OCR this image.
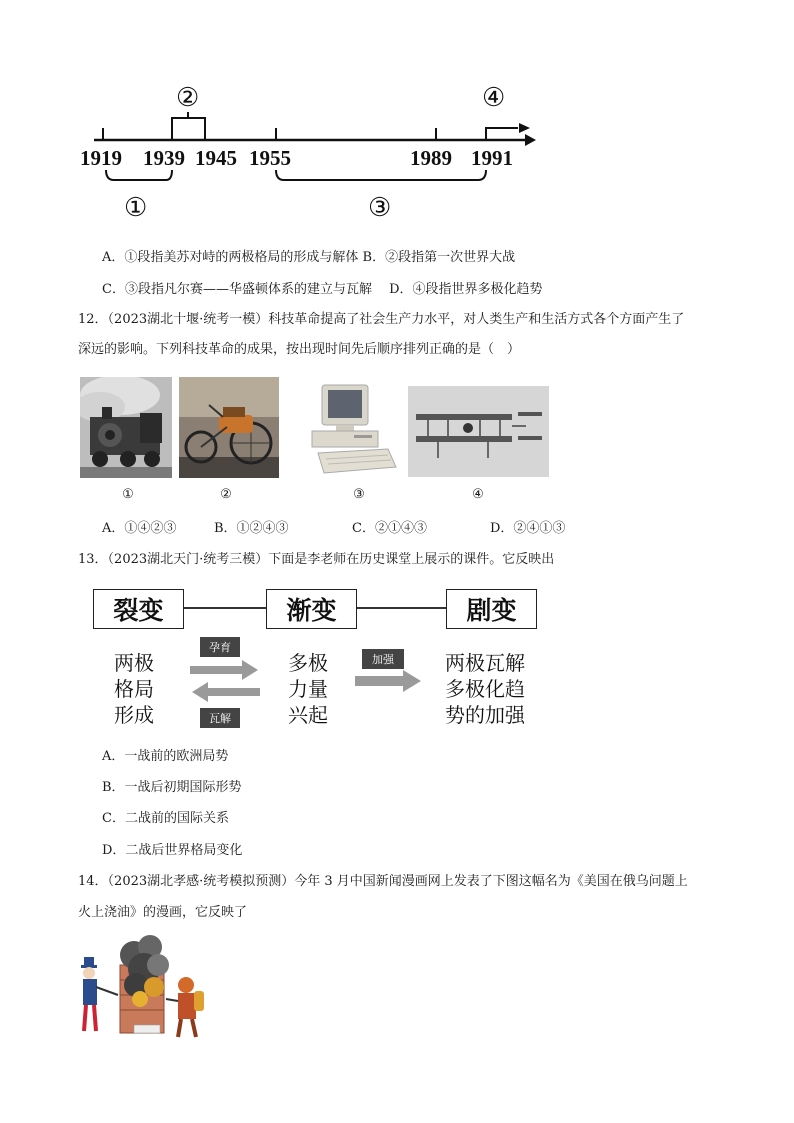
1919 1939 1945 1955	1989 1991
②	④
①	③
A．①段指美苏对峙的两极格局的形成与解体 B．②段指第一次世界大战
C．③段指凡尔赛——华盛顿体系的建立与瓦解　 D．④段指世界多极化趋势
12．（2023湖北十堰·统考一模）科技革命提高了社会生产力水平，对人类生产和生活方式各个方面产生了
深远的影响。下列科技革命的成果，按出现时间先后顺序排列正确的是（　）
①	②	③	④
A．①④②③	B．①②④③	C．②①④③	D．②④①③
13．（2023湖北天门·统考三模）下面是李老师在历史课堂上展示的课件。它反映出
裂变	渐变	剧变
两极
格局
形成
多极
力量
兴起
两极瓦解
多极化趋
势的加强
孕育
瓦解
加强
A．一战前的欧洲局势
B．一战后初期国际形势
C．二战前的国际关系
D．二战后世界格局变化
14．（2023湖北孝感·统考模拟预测）今年 3 月中国新闻漫画网上发表了下图这幅名为《美国在俄乌问题上
火上浇油》的漫画，它反映了
